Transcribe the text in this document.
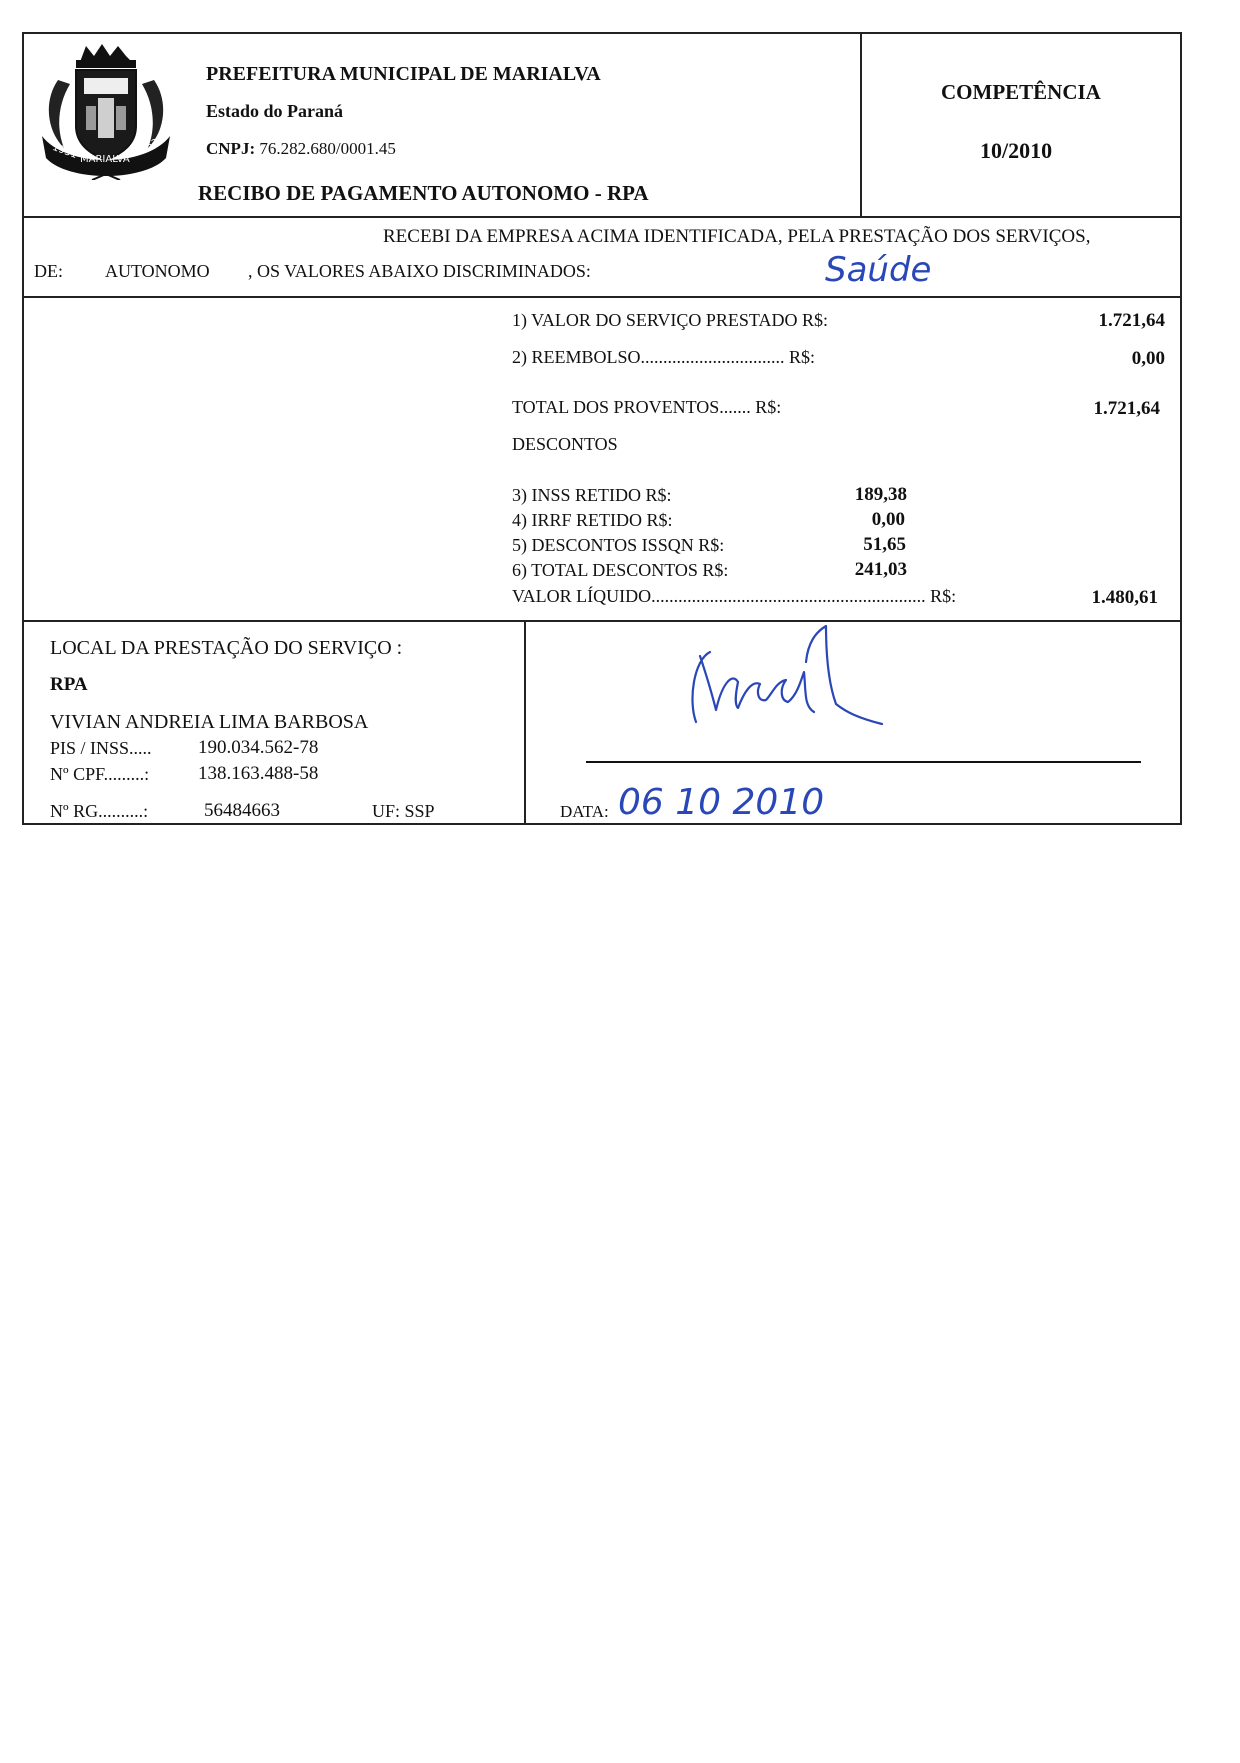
1951 MARIALVA
1952
PREFEITURA MUNICIPAL DE MARIALVA
Estado do Paraná
CNPJ: 76.282.680/0001.45
RECIBO DE PAGAMENTO AUTONOMO - RPA
COMPETÊNCIA
10/2010
RECEBI DA EMPRESA ACIMA IDENTIFICADA, PELA PRESTAÇÃO DOS SERVIÇOS,
DE: AUTONOMO , OS VALORES ABAIXO DISCRIMINADOS:	Saúde
1) VALOR DO SERVIÇO PRESTADO R$:	1.721,64
2) REEMBOLSO................................ R$:	0,00
TOTAL DOS PROVENTOS....... R$:	1.721,64
DESCONTOS
3) INSS RETIDO R$:	189,38
4) IRRF RETIDO R$:	0,00
5) DESCONTOS ISSQN R$:	51,65
6) TOTAL DESCONTOS R$:	241,03
VALOR LÍQUIDO............................................................. R$:	1.480,61
LOCAL DA PRESTAÇÃO DO SERVIÇO :
RPA
VIVIAN ANDREIA LIMA BARBOSA
PIS / INSS..... 190.034.562-78
Nº CPF.........:	138.163.488-58
Nº RG..........:	56484663	UF: SSP	DATA: 06 10 2010
